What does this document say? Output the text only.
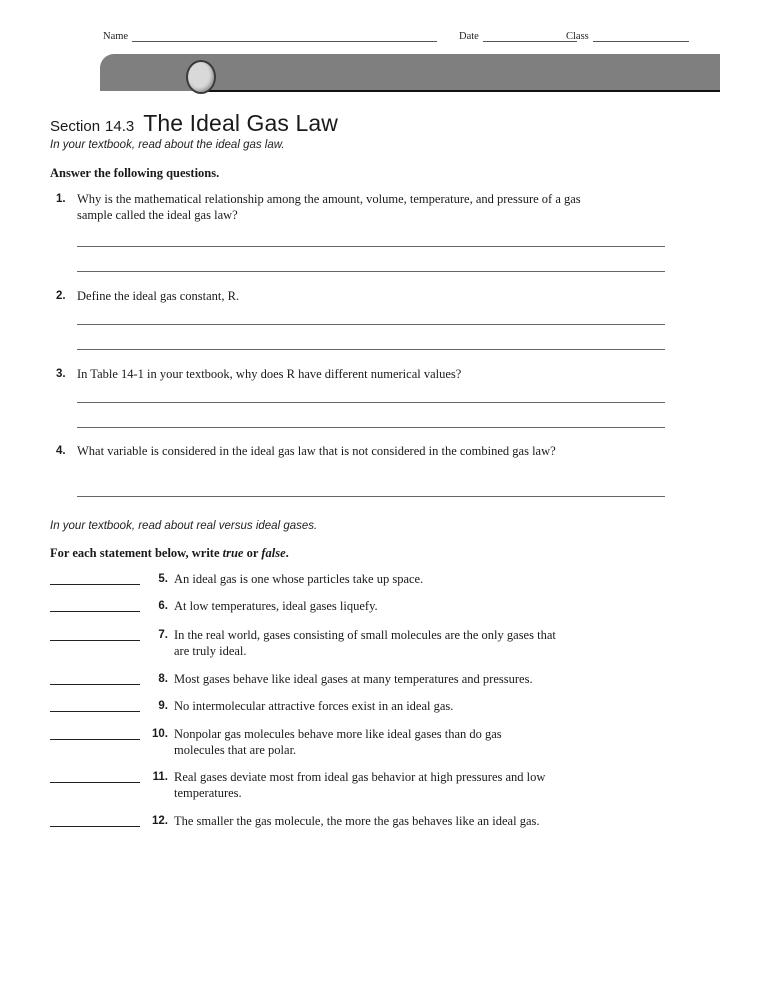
Name	Date	Class
Section 14.3 The Ideal Gas Law
In your textbook, read about the ideal gas law.
Answer the following questions.
1. Why is the mathematical relationship among the amount, volume, temperature, and pressure of a gas sample called the ideal gas law?
2. Define the ideal gas constant, R.
3. In Table 14-1 in your textbook, why does R have different numerical values?
4. What variable is considered in the ideal gas law that is not considered in the combined gas law?
In your textbook, read about real versus ideal gases.
For each statement below, write true or false.
5. An ideal gas is one whose particles take up space.
6. At low temperatures, ideal gases liquefy.
7. In the real world, gases consisting of small molecules are the only gases that are truly ideal.
8. Most gases behave like ideal gases at many temperatures and pressures.
9. No intermolecular attractive forces exist in an ideal gas.
10. Nonpolar gas molecules behave more like ideal gases than do gas molecules that are polar.
11. Real gases deviate most from ideal gas behavior at high pressures and low temperatures.
12. The smaller the gas molecule, the more the gas behaves like an ideal gas.
